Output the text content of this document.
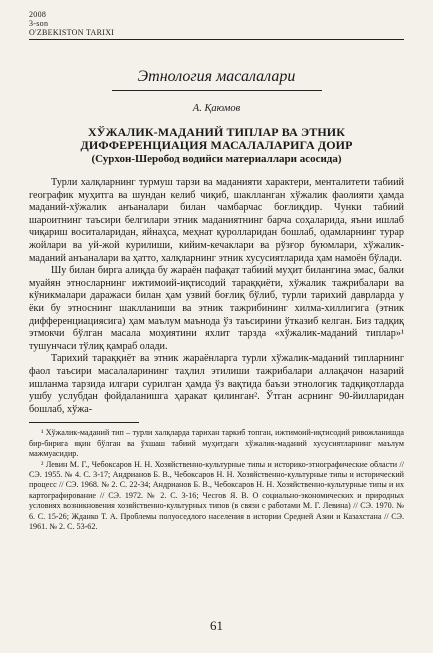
2008
3-son
O'ZBEKISTON TARIXI
Этнология масалалари
А. Қаюмов
ХЎЖАЛИК-МАДАНИЙ ТИПЛАР ВА ЭТНИК
ДИФФЕРЕНЦИАЦИЯ МАСАЛАЛАРИГА ДОИР
(Сурхон-Шеробод водийси материаллари асосида)

Турли халқларнинг турмуш тарзи ва маданияти характери, менталитети табиий географик муҳитга ва шундан келиб чиқиб, шаклланган хўжалик фаолияти ҳамда маданий-хўжалик анъаналари билан чамбарчас боғлиқдир. Чунки табиий шароитнинг таъсири белгилари этник маданиятнинг барча соҳаларида, яъни ишлаб чиқариш воситаларидан, яйнаҳса, меҳнат қуролларидан бошлаб, одамларнинг турар жойлари ва уй-жой курилиши, кийим-кечаклари ва рўзғор буюмлари, хўжалик-маданий анъаналари ва ҳатто, халқларнинг этник хусусиятларида ҳам намоён бўлади.

Шу билан бирга алиқда бу жараён пафақат табиий муҳит билангина эмас, балки муайян этносларнинг ижтимоий-иқтисодий тараққиёти, хўжалик тажрибалари ва кўникмалари даражаси билан ҳам узвий боғлиқ бўлиб, турли тарихий даврларда у ёки бу этноснинг шаклланиши ва этник тажрибининг хилма-хиллигига (этник дифференциациясига) ҳам маълум маънода ўз таъсирини ўтказиб келган. Биз тадқиқ этмокчи бўлган масала моҳиятини яхлит тарзда «хўжалик-маданий типлар»¹ тушунчаси тўлиқ қамраб олади.

Тарихий тараққиёт ва этник жараёнларга турли хўжалик-маданий типларнинг фаол таъсири масалаларининг таҳлил этилиши тажрибалари аллақачон назарий ишланма тарзида илгари сурилган ҳамда ўз вақтида баъзи этнологик тадқиқотларда ушбу услубдан фойдаланишга ҳаракат қилинган². Ўтган асрнинг 90-йилларидан бошлаб, хўжа-

¹ Хўжалик-маданий тип – турли халқларда тарихан таркиб топган, ижтимоий-иқтисодий ривожланишда бир-бирига яқин бўлган ва ўхшаш табиий муҳитдаги хўжалик-маданий хусусиятларнинг маълум мажмуасидир.

² Левин М. Г., Чебоксаров Н. Н. Хозяйственно-культурные типы и историко-этнографические области // СЭ. 1955. № 4. С. 3-17; Андрианов Б. В., Чебоксаров Н. Н. Хозяйственно-культурные типы и исторический процесс // СЭ. 1968. № 2. С. 22-34; Андрианов Б. В., Чебоксаров Н. Н. Хозяйственно-культурные типы и их картографирование // СЭ. 1972. № 2. С. 3-16; Чесгов Я. В. О социально-экономических и природных условиях возникновения хозяйственно-культурных типов (в связи с работами М. Г. Левина) // СЭ. 1970. № 6. С. 15-26; Жданко Т. А. Проблемы полуоседлого населения в истории Средней Азии и Казахстана // СЭ. 1961. № 2. С. 53-62.

61
